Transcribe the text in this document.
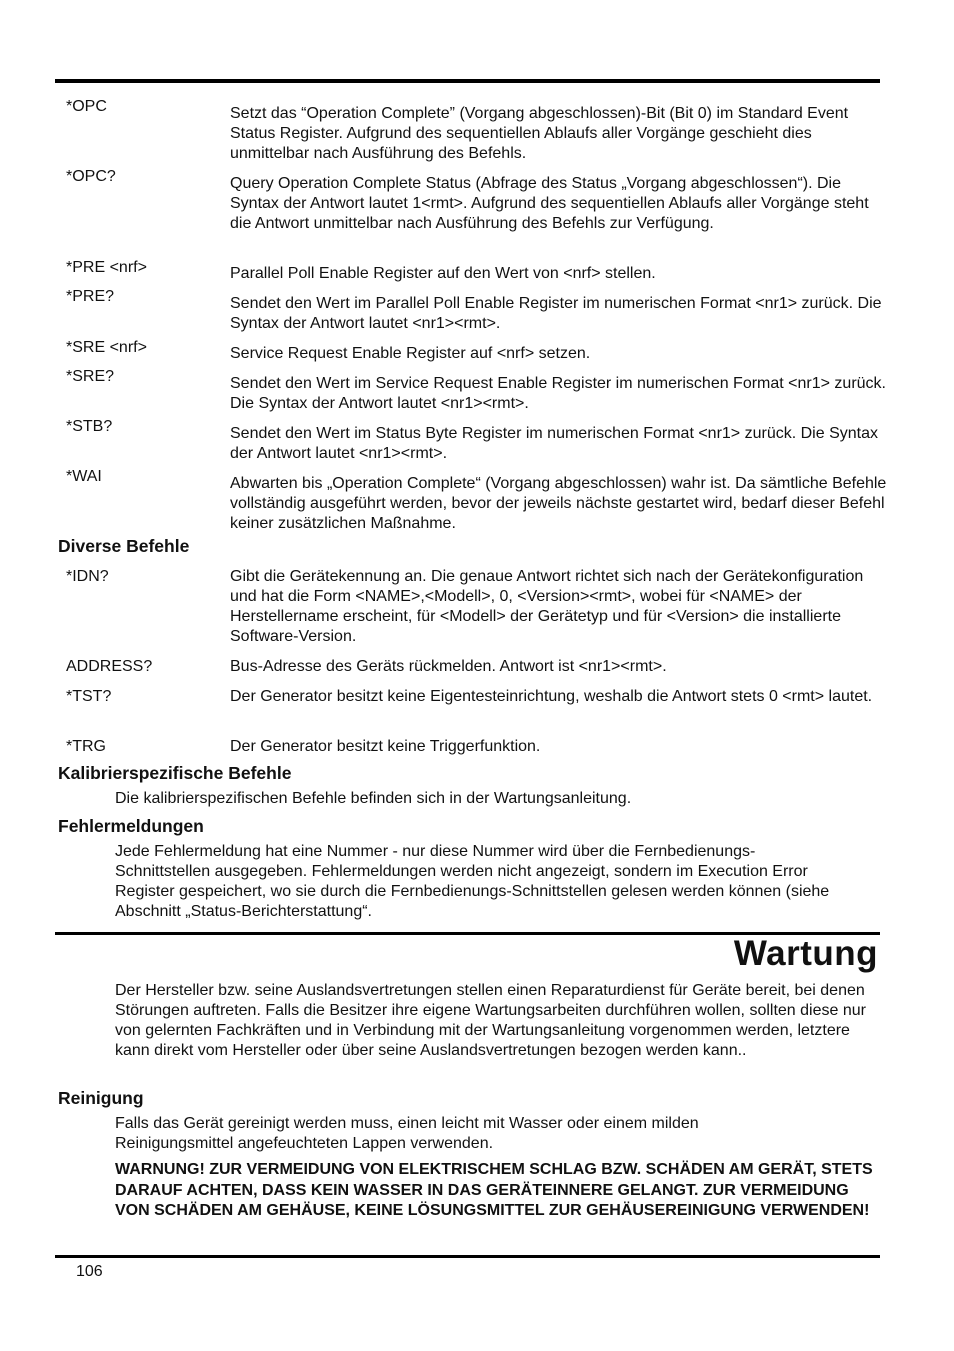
*OPC	Setzt das “Operation Complete” (Vorgang abgeschlossen)-Bit (Bit 0) im Standard Event Status Register. Aufgrund des sequentiellen Ablaufs aller Vorgänge geschieht dies unmittelbar nach Ausführung des Befehls.
*OPC?	Query Operation Complete Status (Abfrage des Status „Vorgang abgeschlossen“). Die Syntax der Antwort lautet 1<rmt>. Aufgrund des sequentiellen Ablaufs aller Vorgänge steht die Antwort unmittelbar nach Ausführung des Befehls zur Verfügung.
*PRE <nrf>	Parallel Poll Enable Register auf den Wert von <nrf> stellen.
*PRE?	Sendet den Wert im Parallel Poll Enable Register im numerischen Format <nr1> zurück. Die Syntax der Antwort lautet <nr1><rmt>.
*SRE <nrf>	Service Request Enable Register auf <nrf> setzen.
*SRE?	Sendet den Wert im Service Request Enable Register im numerischen Format <nr1> zurück. Die Syntax der Antwort lautet <nr1><rmt>.
*STB?	Sendet den Wert im Status Byte Register im numerischen Format <nr1> zurück. Die Syntax der Antwort lautet <nr1><rmt>.
*WAI	Abwarten bis „Operation Complete“ (Vorgang abgeschlossen) wahr ist. Da sämtliche Befehle vollständig ausgeführt werden, bevor der jeweils nächste gestartet wird, bedarf dieser Befehl keiner zusätzlichen Maßnahme.
Diverse Befehle
*IDN?	Gibt die Gerätekennung an. Die genaue Antwort richtet sich nach der Gerätekonfiguration und hat die Form <NAME>,<Modell>, 0, <Version><rmt>, wobei für <NAME> der Herstellername erscheint, für <Modell> der Gerätetyp und für <Version> die installierte Software-Version.
ADDRESS?	Bus-Adresse des Geräts rückmelden. Antwort ist <nr1><rmt>.
*TST?	Der Generator besitzt keine Eigentesteinrichtung, weshalb die Antwort stets 0 <rmt> lautet.
*TRG	Der Generator besitzt keine Triggerfunktion.
Kalibrierspezifische Befehle
Die kalibrierspezifischen Befehle befinden sich in der Wartungsanleitung.
Fehlermeldungen
Jede Fehlermeldung hat eine Nummer - nur diese Nummer wird über die Fernbedienungs-Schnittstellen ausgegeben. Fehlermeldungen werden nicht angezeigt, sondern im Execution Error Register gespeichert, wo sie durch die Fernbedienungs-Schnittstellen gelesen werden können (siehe Abschnitt „Status-Berichterstattung“.
Wartung
Der Hersteller bzw. seine Auslandsvertretungen stellen einen Reparaturdienst für Geräte bereit, bei denen Störungen auftreten. Falls die Besitzer ihre eigene Wartungsarbeiten durchführen wollen, sollten diese nur von gelernten Fachkräften und in Verbindung mit der Wartungsanleitung vorgenommen werden, letztere kann direkt vom Hersteller oder über seine Auslandsvertretungen bezogen werden kann..
Reinigung
Falls das Gerät gereinigt werden muss, einen leicht mit Wasser oder einem milden Reinigungsmittel angefeuchteten Lappen verwenden.
WARNUNG! ZUR VERMEIDUNG VON ELEKTRISCHEM SCHLAG BZW. SCHÄDEN AM GERÄT, STETS DARAUF ACHTEN, DASS KEIN WASSER IN DAS GERÄTEINNERE GELANGT. ZUR VERMEIDUNG VON SCHÄDEN AM GEHÄUSE, KEINE LÖSUNGSMITTEL ZUR GEHÄUSEREINIGUNG VERWENDEN!
106
